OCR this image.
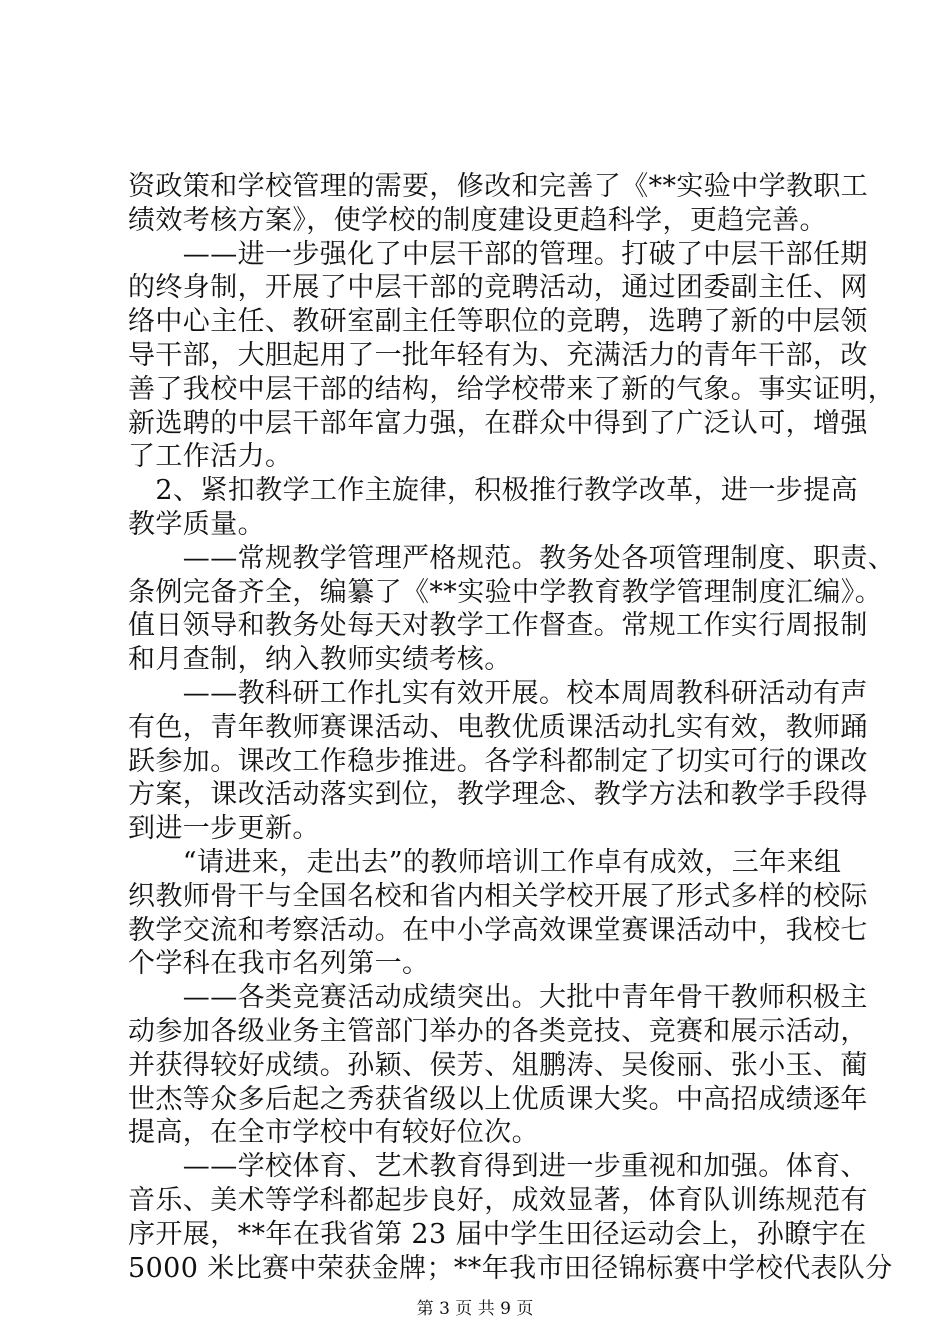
资政策和学校管理的需要，修改和完善了《**实验中学教职工
绩效考核方案》，使学校的制度建设更趋科学，更趋完善。
　　——进一步强化了中层干部的管理。打破了中层干部任期
的终身制，开展了中层干部的竞聘活动，通过团委副主任、网
络中心主任、教研室副主任等职位的竞聘，选聘了新的中层领
导干部，大胆起用了一批年轻有为、充满活力的青年干部，改
善了我校中层干部的结构，给学校带来了新的气象。事实证明，
新选聘的中层干部年富力强，在群众中得到了广泛认可，增强
了工作活力。
　2、紧扣教学工作主旋律，积极推行教学改革，进一步提高
教学质量。
　　——常规教学管理严格规范。教务处各项管理制度、职责、
条例完备齐全，编纂了《**实验中学教育教学管理制度汇编》。
值日领导和教务处每天对教学工作督查。常规工作实行周报制
和月查制，纳入教师实绩考核。
　　——教科研工作扎实有效开展。校本周周教科研活动有声
有色，青年教师赛课活动、电教优质课活动扎实有效，教师踊
跃参加。课改工作稳步推进。各学科都制定了切实可行的课改
方案，课改活动落实到位，教学理念、教学方法和教学手段得
到进一步更新。
　　“请进来，走出去”的教师培训工作卓有成效，三年来组
织教师骨干与全国名校和省内相关学校开展了形式多样的校际
教学交流和考察活动。在中小学高效课堂赛课活动中，我校七
个学科在我市名列第一。
　　——各类竞赛活动成绩突出。大批中青年骨干教师积极主
动参加各级业务主管部门举办的各类竞技、竞赛和展示活动，
并获得较好成绩。孙颖、侯芳、俎鹏涛、吴俊丽、张小玉、蔺
世杰等众多后起之秀获省级以上优质课大奖。中高招成绩逐年
提高，在全市学校中有较好位次。
　　——学校体育、艺术教育得到进一步重视和加强。体育、
音乐、美术等学科都起步良好，成效显著，体育队训练规范有
序开展，**年在我省第 23 届中学生田径运动会上，孙瞭宇在
5000 米比赛中荣获金牌；**年我市田径锦标赛中学校代表队分
第 3 页 共 9 页
